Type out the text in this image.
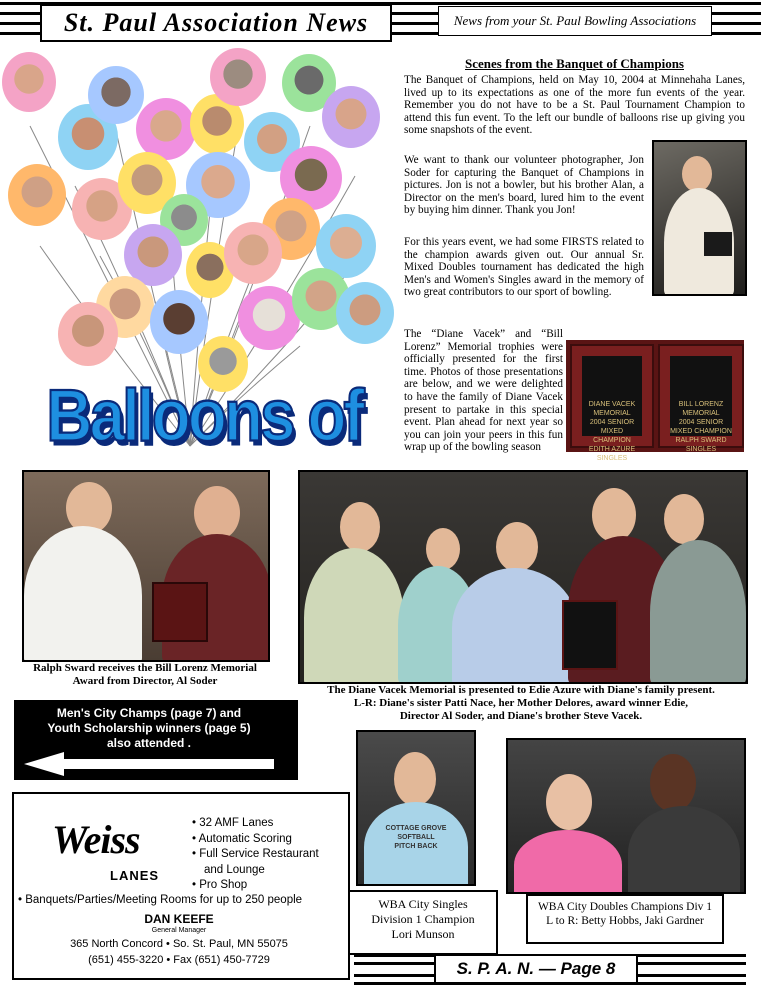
St. Paul Association News	News from your St. Paul Bowling Associations
Balloons of
Scenes from the Banquet of Champions
The Banquet of Champions, held on May 10, 2004 at Minnehaha Lanes, lived up to its expectations as one of the more fun events of the year. Remember you do not have to be a St. Paul Tournament Champion to attend this fun event. To the left our bundle of balloons rise up giving you some snapshots of the event.
We want to thank our volunteer photographer, Jon Soder for capturing the Banquet of Champions in pictures. Jon is not a bowler, but his brother Alan, a Director on the men's board, lured him to the event by buying him dinner. Thank you Jon!
For this years event, we had some FIRSTS related to the champion awards given out. Our annual Sr. Mixed Doubles tournament has dedicated the high Men's and Women's Singles award in the memory of two great contributors to our sport of bowling.
The “Diane Vacek” and “Bill Lorenz” Memorial trophies were officially presented for the first time. Photos of those presentations are below, and we were delighted to have the family of Diane Vacek present to partake in this special event. Plan ahead for next year so you can join your peers in this fun wrap up of the bowling season
DIANE VACEK MEMORIAL
2004 SENIOR MIXED CHAMPION
EDITH AZURE
SINGLES
BILL LORENZ MEMORIAL
2004 SENIOR MIXED CHAMPION
RALPH SWARD
SINGLES
Ralph Sward receives the Bill Lorenz Memorial Award from Director, Al Soder
The Diane Vacek Memorial is presented to Edie Azure with Diane's family present.
L-R: Diane's sister Patti Nace, her Mother Delores, award winner Edie,
Director Al Soder, and Diane's brother Steve Vacek.
Men's City Champs (page 7) and
Youth Scholarship winners (page 5)
also attended .
Weiss
LANES
• 32 AMF Lanes
• Automatic Scoring
• Full Service Restaurant
and Lounge
• Pro Shop
• Banquets/Parties/Meeting Rooms for up to 250 people
DAN KEEFE
General Manager
365 North Concord • So. St. Paul, MN 55075
(651) 455-3220 • Fax (651) 450-7729
COTTAGE GROVE
SOFTBALL
PITCH BACK
WBA City Singles
Division 1 Champion
Lori Munson
WBA City Doubles Champions Div 1
L to R: Betty Hobbs, Jaki Gardner
S. P. A. N. — Page 8
